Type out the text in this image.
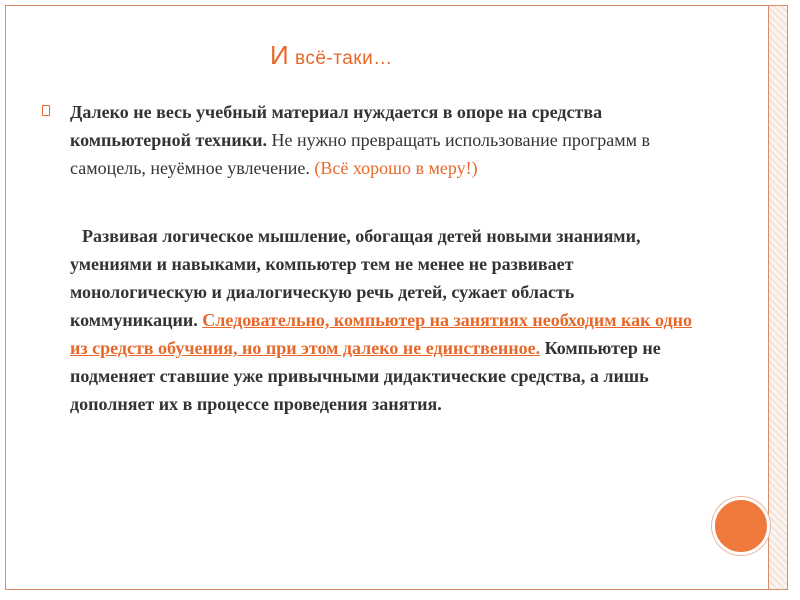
И всё-таки…

Далеко не весь учебный материал нуждается в опоре на средства компьютерной техники. Не нужно превращать использование программ в самоцель, неуёмное увлечение. (Всё хорошо в меру!)

Развивая логическое мышление, обогащая детей новыми знаниями, умениями и навыками, компьютер тем не менее не развивает монологическую и диалогическую речь детей, сужает область коммуникации. Следовательно, компьютер на занятиях необходим как одно из средств обучения, но при этом далеко не единственное. Компьютер не подменяет ставшие уже привычными дидактические средства, а лишь дополняет их в процессе проведения занятия.
